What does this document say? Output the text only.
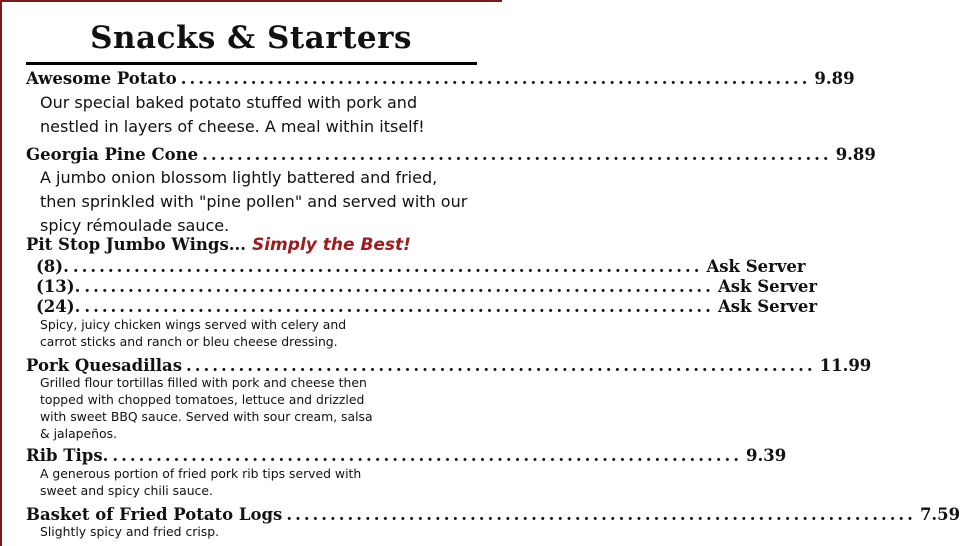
Snacks & Starters
Awesome Potato ........................................................................ 9.89
Our special baked potato stuffed with pork and nestled in layers of cheese. A meal within itself!
Georgia Pine Cone ........................................................................ 9.89
A jumbo onion blossom lightly battered and fried, then sprinkled with "pine pollen" and served with our spicy rémoulade sauce.
Pit Stop Jumbo Wings... Simply the Best!
(8). ........................................................................ Ask Server
(13). ........................................................................ Ask Server
(24). ........................................................................ Ask Server
Spicy, juicy chicken wings served with celery and carrot sticks and ranch or bleu cheese dressing.
Pork Quesadillas ........................................................................ 11.99
Grilled flour tortillas filled with pork and cheese then topped with chopped tomatoes, lettuce and drizzled with sweet BBQ sauce. Served with sour cream, salsa & jalapeños.
Rib Tips. ........................................................................ 9.39
A generous portion of fried pork rib tips served with sweet and spicy chili sauce.
Basket of Fried Potato Logs ........................................................................ 7.59
Slightly spicy and fried crisp.
